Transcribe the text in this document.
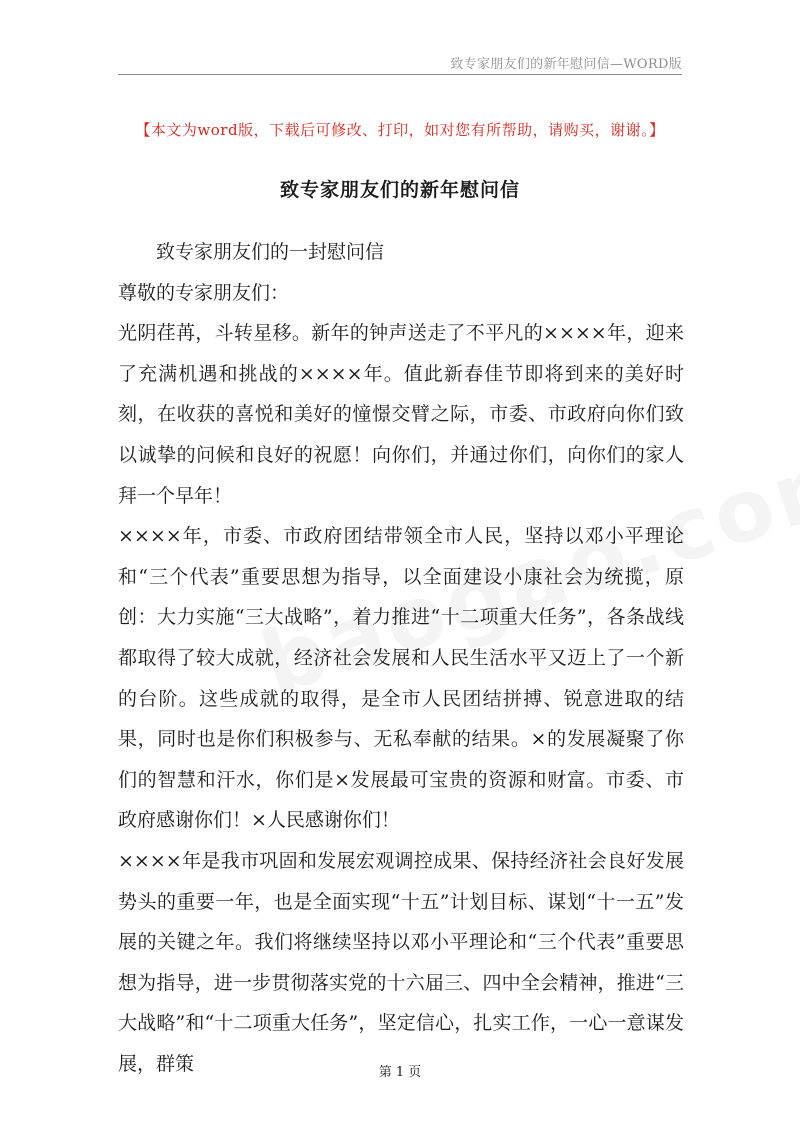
致专家朋友们的新年慰问信—WORD版
【本文为word版，下载后可修改、打印，如对您有所帮助，请购买，谢谢。】
致专家朋友们的新年慰问信

致专家朋友们的一封慰问信

尊敬的专家朋友们：

光阴荏苒，斗转星移。新年的钟声送走了不平凡的××××年，迎来了充满机遇和挑战的××××年。值此新春佳节即将到来的美好时刻，在收获的喜悦和美好的憧憬交臂之际，市委、市政府向你们致以诚挚的问候和良好的祝愿！向你们，并通过你们，向你们的家人拜一个早年！

××××年，市委、市政府团结带领全市人民，坚持以邓小平理论和“三个代表”重要思想为指导，以全面建设小康社会为统揽，原创：大力实施“三大战略”，着力推进“十二项重大任务”，各条战线都取得了较大成就，经济社会发展和人民生活水平又迈上了一个新的台阶。这些成就的取得，是全市人民团结拼搏、锐意进取的结果，同时也是你们积极参与、无私奉献的结果。×的发展凝聚了你们的智慧和汗水，你们是×发展最可宝贵的资源和财富。市委、市政府感谢你们！×人民感谢你们！

××××年是我市巩固和发展宏观调控成果、保持经济社会良好发展势头的重要一年，也是全面实现“十五”计划目标、谋划“十一五”发展的关键之年。我们将继续坚持以邓小平理论和“三个代表”重要思想为指导，进一步贯彻落实党的十六届三、四中全会精神，推进“三大战略”和“十二项重大任务”，坚定信心，扎实工作，一心一意谋发展，群策	第 1 页
